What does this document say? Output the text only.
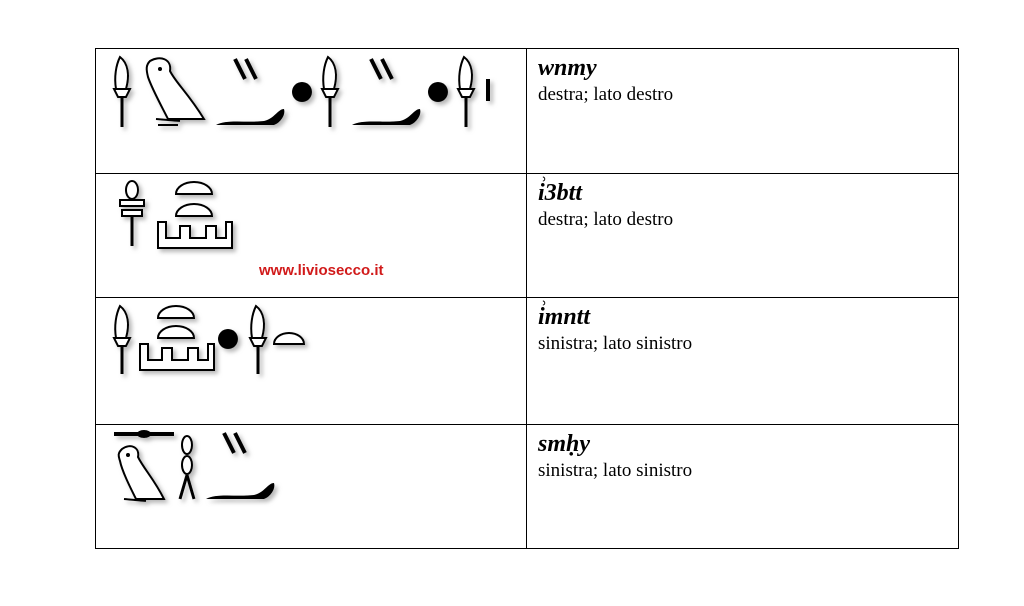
wnmy
destra; lato destro

www.liviosecco.it	i͗3btt
destra; lato destro

i͗mntt
sinistra; lato sinistro

smḥy
sinistra; lato sinistro
